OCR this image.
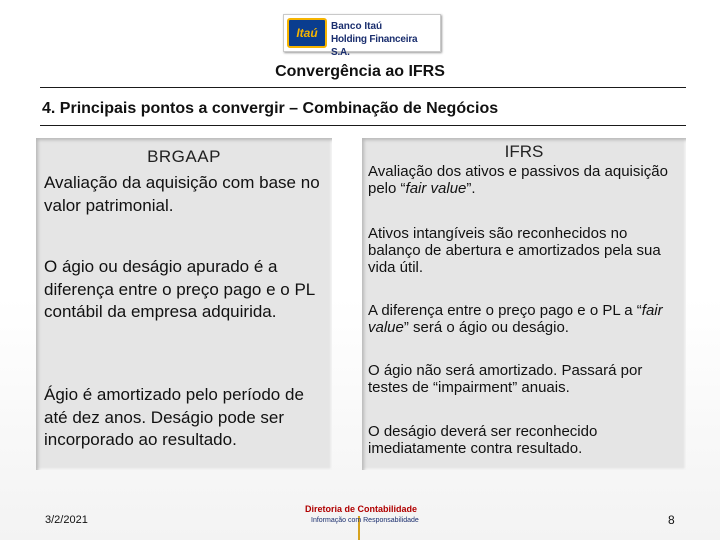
Itaú Banco Itaú
Holding Financeira S.A.
Convergência ao IFRS
4. Principais pontos a convergir – Combinação de Negócios
BRGAAP
Avaliação da aquisição com base no valor patrimonial.
O ágio ou deságio apurado é a diferença entre o preço pago e o PL contábil da empresa adquirida.
Ágio é amortizado pelo período de até dez anos. Deságio pode ser incorporado ao resultado.
IFRS
Avaliação dos ativos e passivos da aquisição pelo “fair value”.
Ativos intangíveis são reconhecidos no balanço de abertura e amortizados pela sua vida útil.
A diferença entre o preço pago e o PL a “fair value” será o ágio ou deságio.
O ágio não será amortizado. Passará por testes de “impairment” anuais.
O deságio deverá ser reconhecido imediatamente contra resultado.
3/2/2021
Diretoria de Contabilidade
Informação com Responsabilidade	8
